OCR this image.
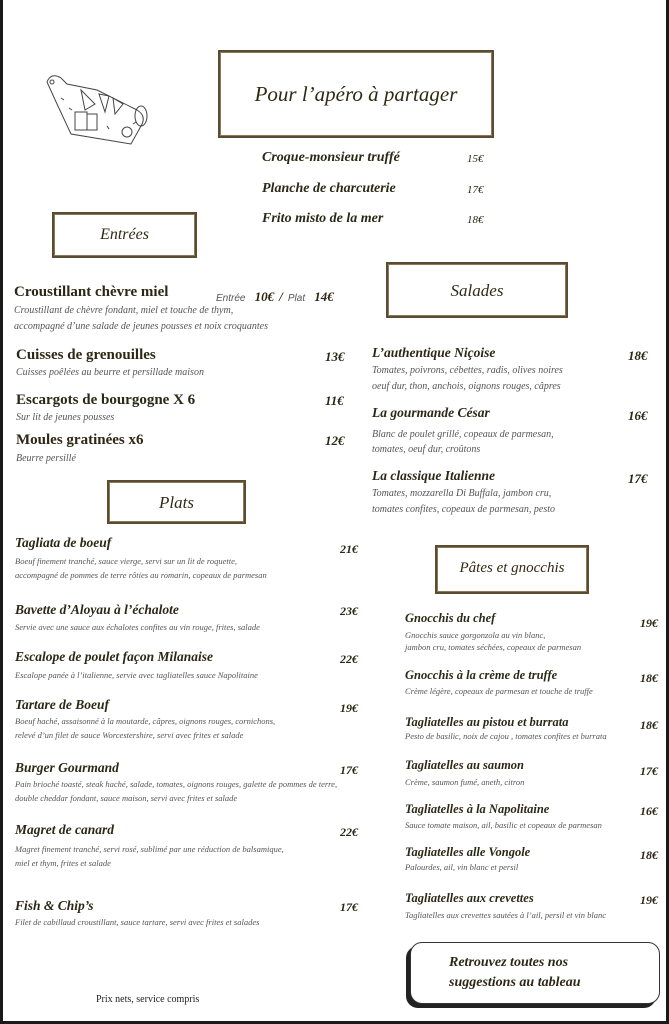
Pour l’apéro à partager
Entrées
Salades
Plats
Pâtes et gnocchis
Croustillant chèvre miel	Entrée 10€ / Plat 14€
Croustillant de chèvre fondant, miel et touche de thym,
accompagné d’une salade de jeunes pousses et noix croquantes
Croque-monsieur truffé	15€
Planche de charcuterie	17€
Frito misto de la mer	18€
Cuisses de grenouilles	13€
Cuisses poêlées au beurre et persillade maison
Escargots de bourgogne X 6	11€
Sur lit de jeunes pousses
Moules gratinées x6	12€
Beurre persillé
Tagliata de boeuf	21€
Boeuf finement tranché, sauce vierge, servi sur un lit de roquette,
accompagné de pommes de terre rôties au romarin, copeaux de parmesan
Bavette d’Aloyau à l’échalote	23€
Servie avec une sauce aux échalotes confites au vin rouge, frites, salade
Escalope de poulet façon Milanaise	22€
Escalope panée à l’italienne, servie avec tagliatelles sauce Napolitaine
Tartare de Boeuf	19€
Boeuf haché, assaisonné à la moutarde, câpres, oignons rouges, cornichons,
relevé d’un filet de sauce Worcestershire, servi avec frites et salade
Burger Gourmand	17€
Pain brioché toasté, steak haché, salade, tomates, oignons rouges, galette de pommes de terre,
double cheddar fondant, sauce maison, servi avec frites et salade
Magret de canard	22€
Magret finement tranché, servi rosé, sublimé par une réduction de balsamique,
miel et thym, frites et salade
Fish & Chip’s	17€
Filet de cabillaud croustillant, sauce tartare, servi avec frites et salades
L’authentique Niçoise	18€
Tomates, poivrons, cébettes, radis, olives noires
oeuf dur, thon, anchois, oignons rouges, câpres
La gourmande César	16€
Blanc de poulet grillé, copeaux de parmesan,
tomates, oeuf dur, croûtons
La classique Italienne	17€
Tomates, mozzarella Di Buffala, jambon cru,
tomates confites, copeaux de parmesan, pesto
Gnocchis du chef	19€
Gnocchis sauce gorgonzola au vin blanc,
jambon cru, tomates séchées, copeaux de parmesan
Gnocchis à la crème de truffe	18€
Crème légère, copeaux de parmesan et touche de truffe
Tagliatelles au pistou et burrata	18€
Pesto de basilic, noix de cajou , tomates confites et burrata
Tagliatelles au saumon	17€
Crème, saumon fumé, aneth, citron
Tagliatelles à la Napolitaine	16€
Sauce tomate maison, ail, basilic et copeaux de parmesan
Tagliatelles alle Vongole	18€
Palourdes, ail, vin blanc et persil
Tagliatelles aux crevettes	19€
Tagliatelles aux crevettes sautées à l’ail, persil et vin blanc
Retrouvez toutes nos
suggestions au tableau
Prix nets, service compris
